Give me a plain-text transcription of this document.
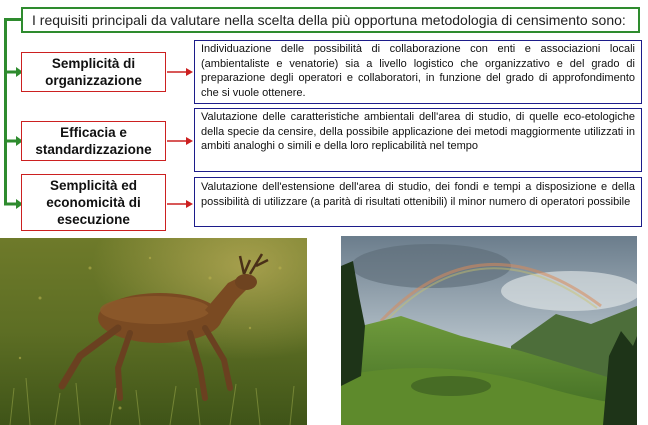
I requisiti principali da valutare nella scelta della più opportuna metodologia di censimento sono:
Semplicità di organizzazione
Individuazione delle possibilità di collaborazione con enti e associazioni locali (ambientaliste e venatorie) sia a livello logistico che organizzativo e del grado di preparazione degli operatori e collaboratori, in funzione del grado di approfondimento che si vuole ottenere.
Efficacia e standardizzazione
Valutazione delle caratteristiche ambientali dell'area di studio, di quelle eco-etologiche della specie da censire, della possibile applicazione dei metodi maggiormente utilizzati in ambiti analoghi o simili e della loro replicabilità nel tempo
Semplicità ed economicità di esecuzione
Valutazione dell'estensione dell'area di studio, dei fondi e tempi a disposizione e della possibilità di utilizzare (a parità di risultati ottenibili) il minor numero di operatori possibile
